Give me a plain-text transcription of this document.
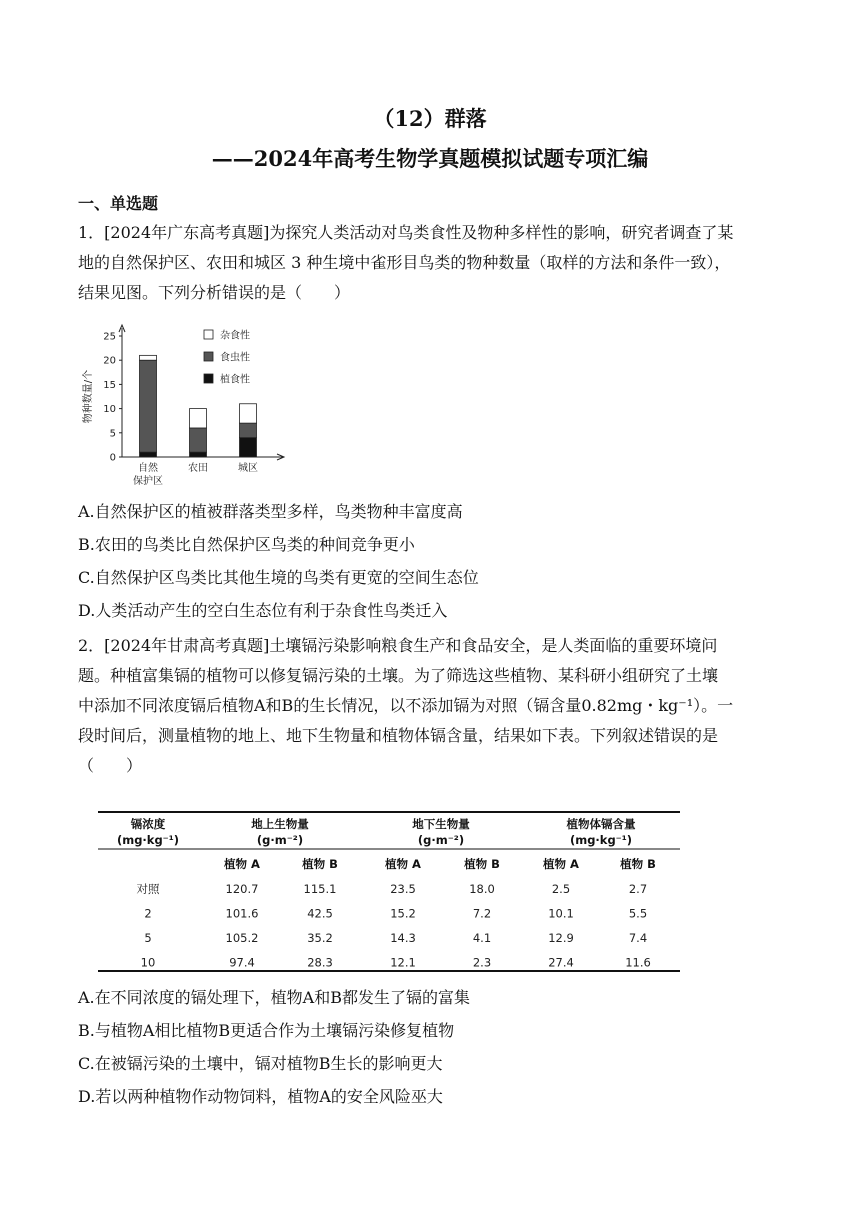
（12）群落
——2024年高考生物学真题模拟试题专项汇编
一、单选题
1．[2024年广东高考真题]为探究人类活动对鸟类食性及物种多样性的影响，研究者调查了某
地的自然保护区、农田和城区 3 种生境中雀形目鸟类的物种数量（取样的方法和条件一致），
结果见图。下列分析错误的是（　　）
0
5
10
15
20
25
物种数量/个
自然
保护区
农田	城区
杂食性
食虫性
植食性
A.自然保护区的植被群落类型多样，鸟类物种丰富度高
B.农田的鸟类比自然保护区鸟类的种间竞争更小
C.自然保护区鸟类比其他生境的鸟类有更宽的空间生态位
D.人类活动产生的空白生态位有利于杂食性鸟类迁入
2．[2024年甘肃高考真题]土壤镉污染影响粮食生产和食品安全，是人类面临的重要环境问
题。种植富集镉的植物可以修复镉污染的土壤。为了筛选这些植物、某科研小组研究了土壤
中添加不同浓度镉后植物A和B的生长情况，以不添加镉为对照（镉含量0.82mg・kg⁻¹）。一
段时间后，测量植物的地上、地下生物量和植物体镉含量，结果如下表。下列叙述错误的是
（　　）
镉浓度
(mg·kg⁻¹)
地上生物量
(g·m⁻²)
地下生物量
(g·m⁻²)
植物体镉含量
(mg·kg⁻¹)
植物 A	植物 B	植物 A	植物 B	植物 A	植物 B
对照	120.7	115.1	23.5	18.0	2.5	2.7
2	101.6	42.5	15.2	7.2	10.1	5.5
5	105.2	35.2	14.3	4.1	12.9	7.4
10	97.4	28.3	12.1	2.3	27.4	11.6
A.在不同浓度的镉处理下，植物A和B都发生了镉的富集
B.与植物A相比植物B更适合作为土壤镉污染修复植物
C.在被镉污染的土壤中，镉对植物B生长的影响更大
D.若以两种植物作动物饲料，植物A的安全风险巫大
